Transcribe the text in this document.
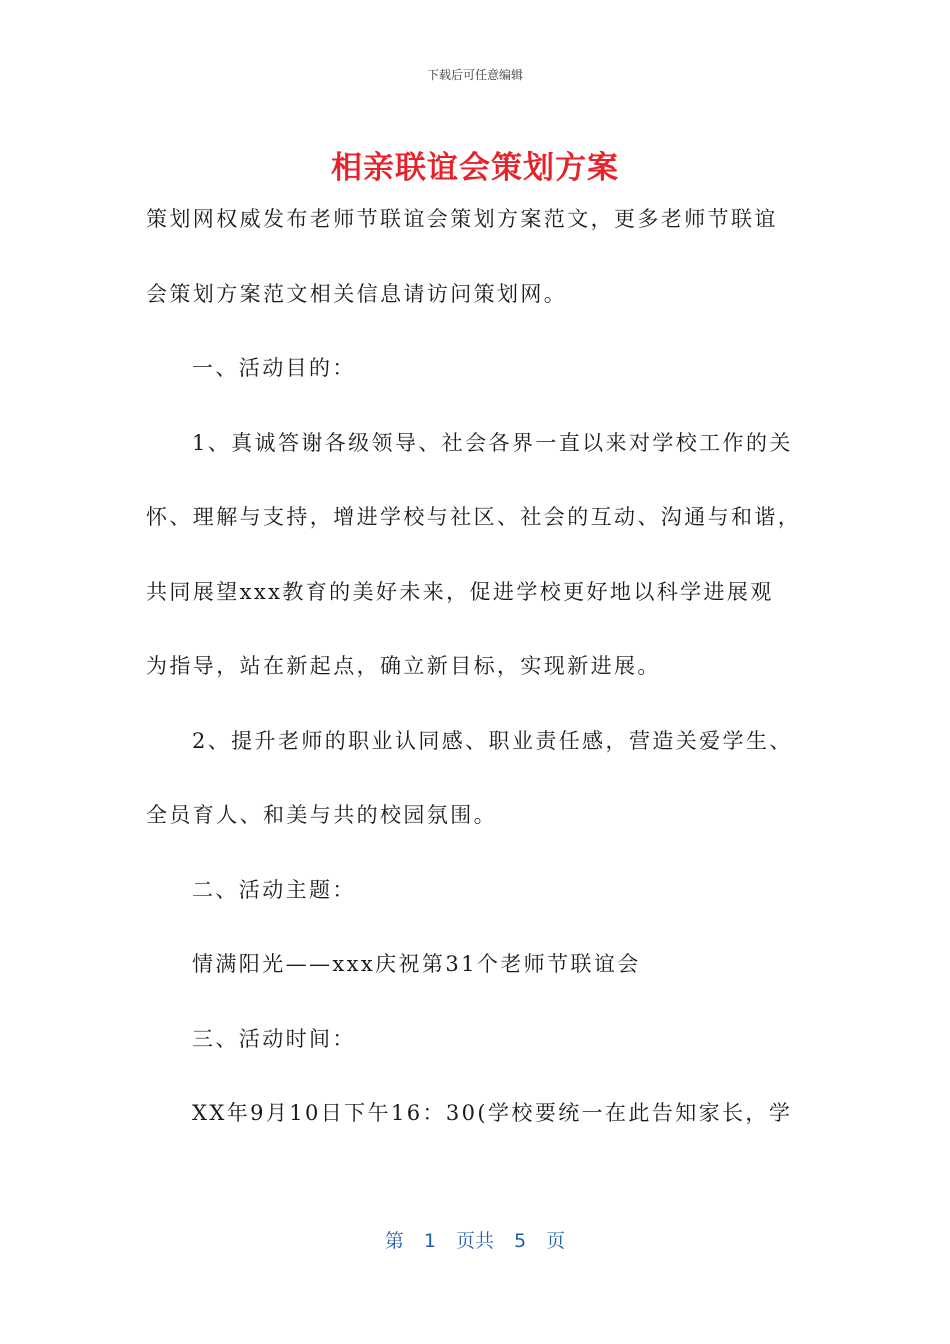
下载后可任意编辑
相亲联谊会策划方案
策划网权威发布老师节联谊会策划方案范文，更多老师节联谊
会策划方案范文相关信息请访问策划网。
一、活动目的：
1、真诚答谢各级领导、社会各界一直以来对学校工作的关
怀、理解与支持，增进学校与社区、社会的互动、沟通与和谐，
共同展望xxx教育的美好未来，促进学校更好地以科学进展观
为指导，站在新起点，确立新目标，实现新进展。
2、提升老师的职业认同感、职业责任感，营造关爱学生、
全员育人、和美与共的校园氛围。
二、活动主题：
情满阳光——xxx庆祝第31个老师节联谊会
三、活动时间：
XX年9月10日下午16：30(学校要统一在此告知家长，学
第 1 页共 5 页
